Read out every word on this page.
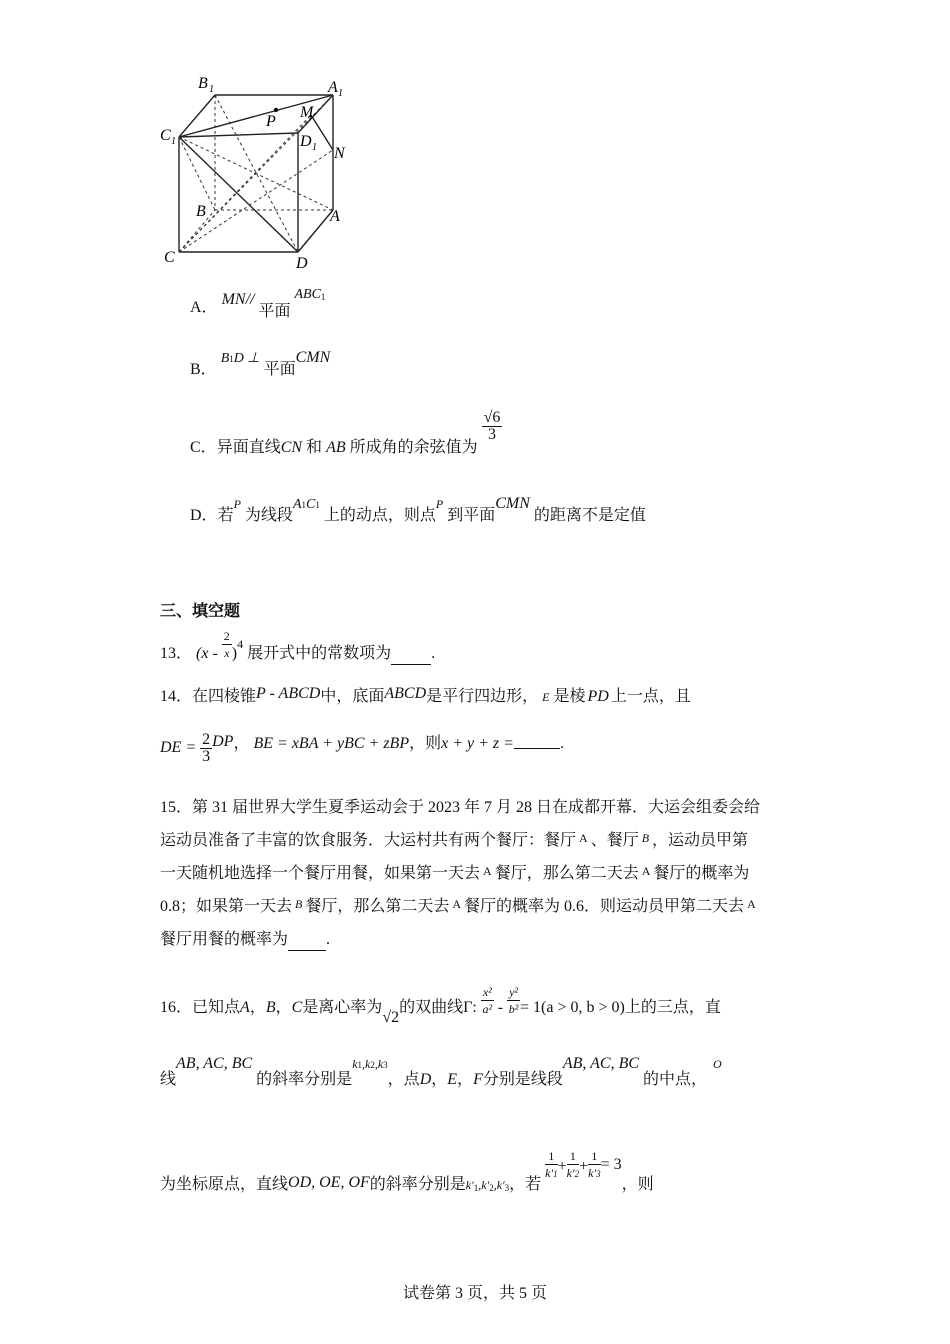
B 1	A 1
C 1	D 1
P
M
N
B	A
C	D
A． MN// 平面 ABC$^1$
B． B1D ⊥ 平面CMN
C．异面直线CN 和 AB 所成角的余弦值为
$\frac{√6}{3}$
D．若P 为线段A1C1 上的动点，则点P 到平面CMN 的距离不是定值
三、填空题
13． $(x - \frac{2}{x} )4$ 展开式中的常数项为	.
14．在四棱锥P - ABCD中，底面ABCD是平行四边形， E 是棱 PD 上一点，且
DE = $\frac{2}{3}$ DP， BE = xBA + yBC + zBP，则x + y + z =	.
15．第 31 届世界大学生夏季运动会于 2023 年 7 月 28 日在成都开幕．大运会组委会给
运动员准备了丰富的饮食服务．大运村共有两个餐厅：餐厅 A 、餐厅 B ，运动员甲第
一天随机地选择一个餐厅用餐，如果第一天去 A 餐厅，那么第二天去 A 餐厅的概率为
0.8；如果第一天去 B 餐厅，那么第二天去 A 餐厅的概率为 0.6．则运动员甲第二天去 A
餐厅用餐的概率为 .
16．已知点A，B，C是离心率为√2的双曲线Γ: $\frac{\text{x²}}{\text{a²}} - \frac{\text{y²}}{\text{b²}} = 1(a > 0$, b > 0)上的三点，直
线AB, AC, BC 的斜率分别是k1,k2,k3，点D，E，F分别是线段AB, AC, BC 的中点，O
为坐标原点，直线OD, OE, OF的斜率分别是$_{k'1,k'2,k'3}$，若
$\frac{1}{k'1} + \frac{1}{k'2} + \frac{1}{k'3} = 3$，则
试卷第 3 页，共 5 页
